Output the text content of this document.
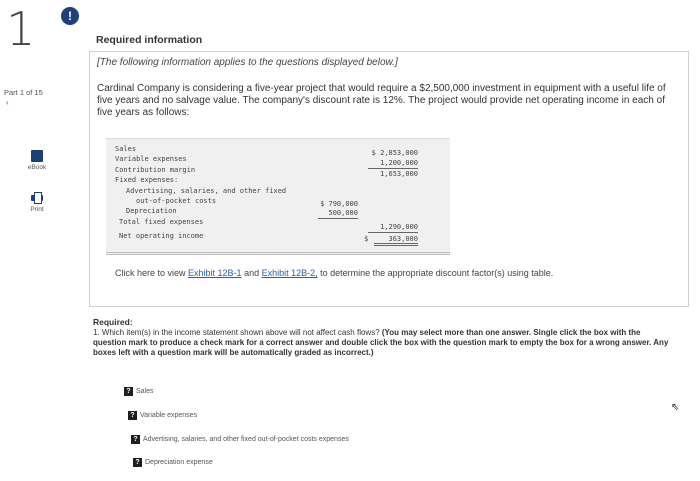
1	!
Part 1 of 15
‹
eBook
Print
Required information
[The following information applies to the questions displayed below.]
Cardinal Company is considering a five-year project that would require a $2,500,000 investment in equipment with a useful life of five years and no salvage value. The company's discount rate is 12%. The project would provide net operating income in each of five years as follows:
Sales
Variable expenses
Contribution margin
Fixed expenses:
Advertising, salaries, and other fixed
out-of-pocket costs
Depreciation
Total fixed expenses
Net operating income
$ 2,853,000
1,200,000
1,653,000
$ 790,000
500,000
1,290,000
$	363,000
Click here to view Exhibit 12B-1 and Exhibit 12B-2, to determine the appropriate discount factor(s) using table.
Required:
1. Which item(s) in the income statement shown above will not affect cash flows? (You may select more than one answer. Single click the box with the question mark to produce a check mark for a correct answer and double click the box with the question mark to empty the box for a wrong answer. Any boxes left with a question mark will be automatically graded as incorrect.)
? Sales
? Variable expenses
? Advertising, salaries, and other fixed out-of-pocket costs expenses
? Depreciation expense
⇖
